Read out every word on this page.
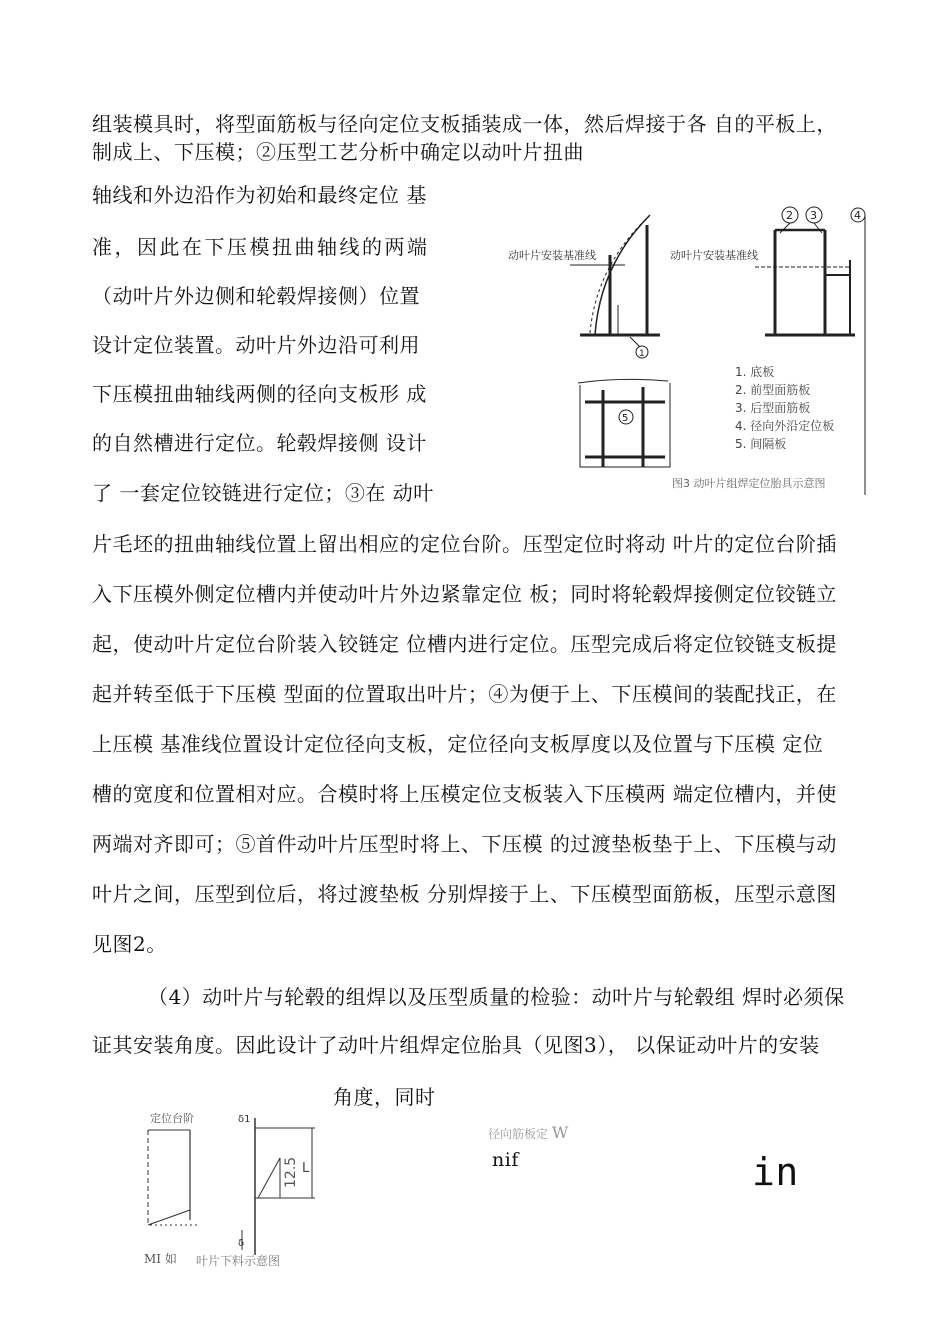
组装模具时，将型面筋板与径向定位支板插装成一体，然后焊接于各 自的平板上，
制成上、下压模；②压型工艺分析中确定以动叶片扭曲
轴线和外边沿作为初始和最终定位 基
准，因此在下压模扭曲轴线的两端
（动叶片外边侧和轮毂焊接侧）位置
设计定位装置。动叶片外边沿可利用
下压模扭曲轴线两侧的径向支板形 成
的自然槽进行定位。轮毂焊接侧 设计
了 一套定位铰链进行定位；③在 动叶
片毛坯的扭曲轴线位置上留出相应的定位台阶。压型定位时将动 叶片的定位台阶插
入下压模外侧定位槽内并使动叶片外边紧靠定位 板；同时将轮毂焊接侧定位铰链立
起，使动叶片定位台阶装入铰链定 位槽内进行定位。压型完成后将定位铰链支板提
起并转至低于下压模 型面的位置取出叶片；④为便于上、下压模间的装配找正，在
上压模 基准线位置设计定位径向支板，定位径向支板厚度以及位置与下压模 定位
槽的宽度和位置相对应。合模时将上压模定位支板装入下压模两 端定位槽内，并使
两端对齐即可；⑤首件动叶片压型时将上、下压模 的过渡垫板垫于上、下压模与动
叶片之间，压型到位后，将过渡垫板 分别焊接于上、下压模型面筋板，压型示意图
见图2。
（4）动叶片与轮毂的组焊以及压型质量的检验：动叶片与轮毂组 焊时必须保
证其安装角度。因此设计了动叶片组焊定位胎具（见图3）， 以保证动叶片的安装
角度，同时
1
动叶片安装基准线
2 3	4
动叶片安装基准线
5
1. 底板
2. 前型面筋板
3. 后型面筋板
4. 径向外沿定位板
5. 间隔板
图3 动叶片组焊定位胎具示意图
定位台阶	δ1
12.5 L
δ
MI 如 叶片下料示意图
径向筋板定 W
nif	in
